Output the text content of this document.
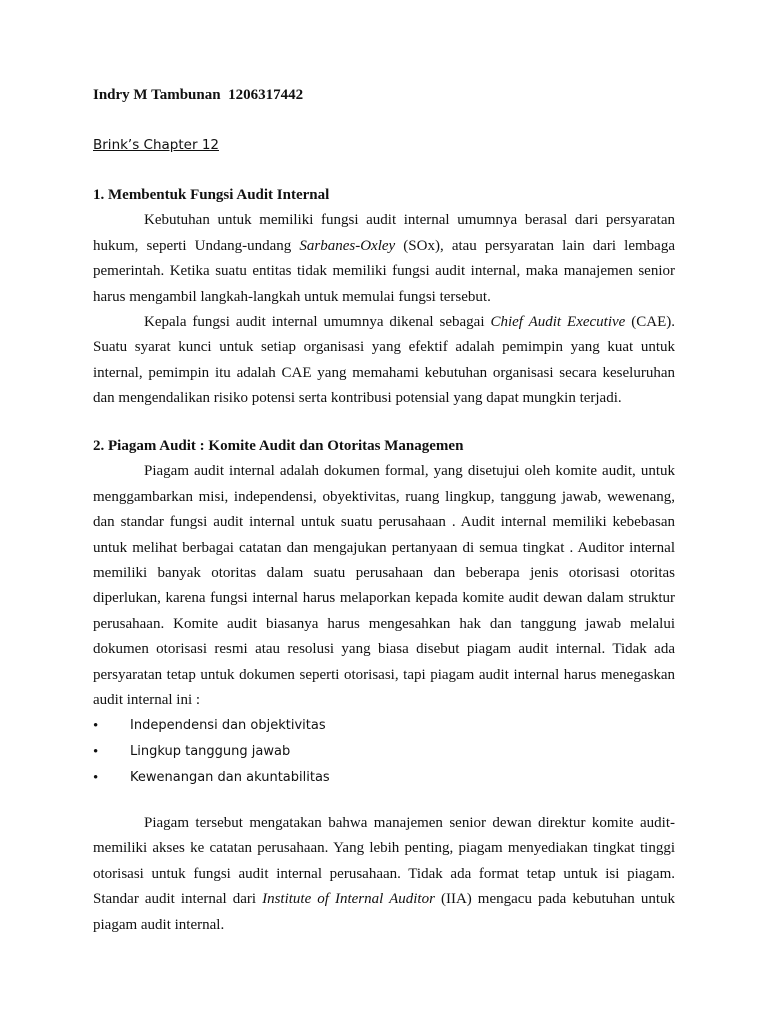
Indry M Tambunan 1206317442
Brink’s Chapter 12
1. Membentuk Fungsi Audit Internal

Kebutuhan untuk memiliki fungsi audit internal umumnya berasal dari persyaratan hukum, seperti Undang-undang Sarbanes-Oxley (SOx), atau persyaratan lain dari lembaga pemerintah. Ketika suatu entitas tidak memiliki fungsi audit internal, maka manajemen senior harus mengambil langkah-langkah untuk memulai fungsi tersebut.

Kepala fungsi audit internal umumnya dikenal sebagai Chief Audit Executive (CAE). Suatu syarat kunci untuk setiap organisasi yang efektif adalah pemimpin yang kuat untuk internal, pemimpin itu adalah CAE yang memahami kebutuhan organisasi secara keseluruhan dan mengendalikan risiko potensi serta kontribusi potensial yang dapat mungkin terjadi.

2. Piagam Audit : Komite Audit dan Otoritas Managemen

Piagam audit internal adalah dokumen formal, yang disetujui oleh komite audit, untuk menggambarkan misi, independensi, obyektivitas, ruang lingkup, tanggung jawab, wewenang, dan standar fungsi audit internal untuk suatu perusahaan . Audit internal memiliki kebebasan untuk melihat berbagai catatan dan mengajukan pertanyaan di semua tingkat . Auditor internal memiliki banyak otoritas dalam suatu perusahaan dan beberapa jenis otorisasi otoritas diperlukan, karena fungsi internal harus melaporkan kepada komite audit dewan dalam struktur perusahaan. Komite audit biasanya harus mengesahkan hak dan tanggung jawab melalui dokumen otorisasi resmi atau resolusi yang biasa disebut piagam audit internal. Tidak ada persyaratan tetap untuk dokumen seperti otorisasi, tapi piagam audit internal harus menegaskan audit internal ini :

• Independensi dan objektivitas
• Lingkup tanggung jawab
• Kewenangan dan akuntabilitas

Piagam tersebut mengatakan bahwa manajemen senior dewan direktur komite audit-memiliki akses ke catatan perusahaan. Yang lebih penting, piagam menyediakan tingkat tinggi otorisasi untuk fungsi audit internal perusahaan. Tidak ada format tetap untuk isi piagam. Standar audit internal dari Institute of Internal Auditor (IIA) mengacu pada kebutuhan untuk piagam audit internal.
